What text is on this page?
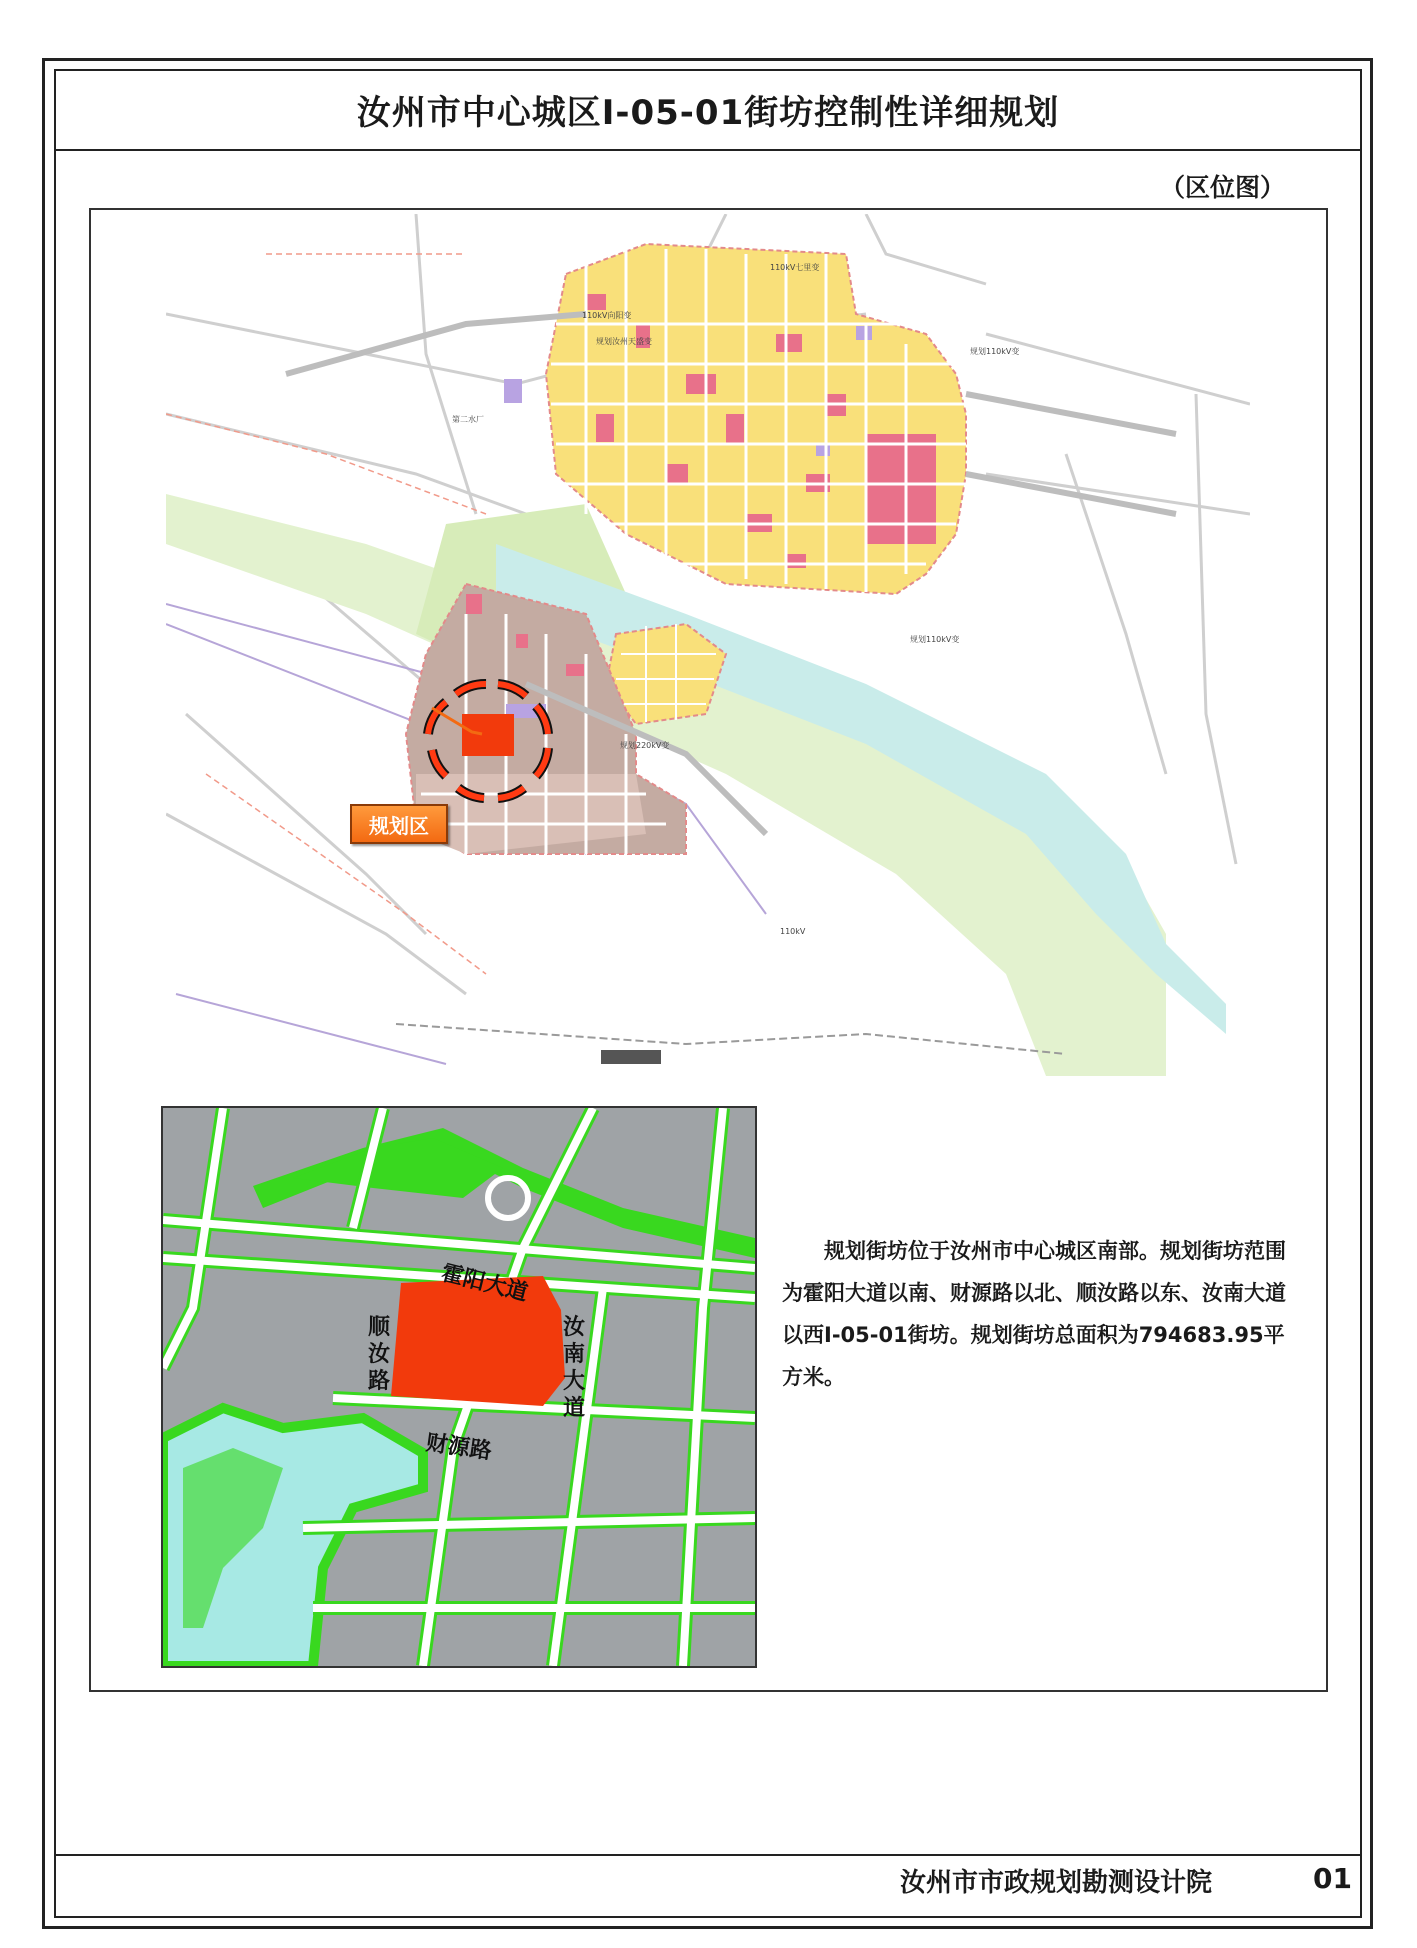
汝州市中心城区I-05-01街坊控制性详细规划
（区位图）
110kV七里变
110kV向阳变
规划汝州天盛变
规划110kV变
第二水厂
规划110kV变
规划220kV变
110kV
规划区
霍阳大道
财源路
顺
汝
路
汝
南
大
道

规划街坊位于汝州市中心城区南部。规划街坊范围为霍阳大道以南、财源路以北、顺汝路以东、汝南大道以西I-05-01街坊。规划街坊总面积为794683.95平方米。

汝州市市政规划勘测设计院	01
